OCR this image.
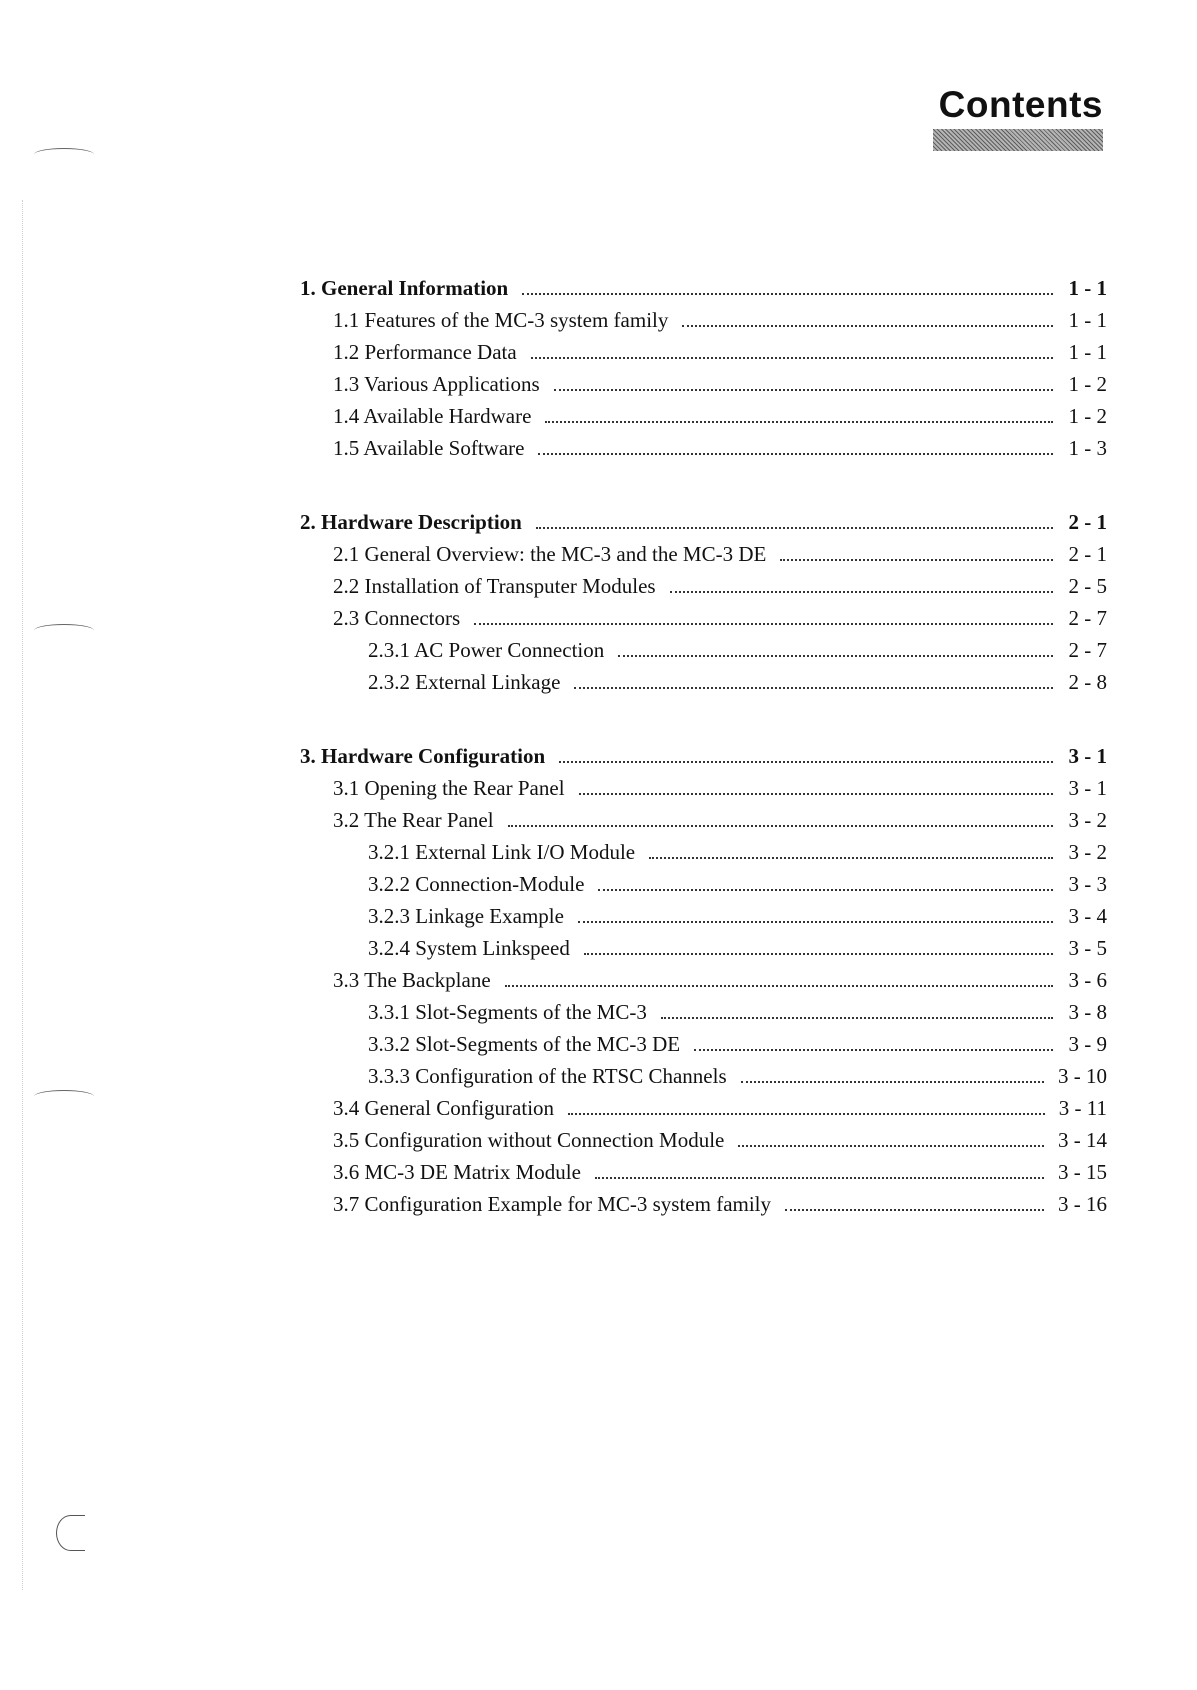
Contents
1. General Information	1 - 1
1.1 Features of the MC-3 system family	1 - 1
1.2 Performance Data	1 - 1
1.3 Various Applications	1 - 2
1.4 Available Hardware	1 - 2
1.5 Available Software	1 - 3
2. Hardware Description	2 - 1
2.1 General Overview: the MC-3 and the MC-3 DE	2 - 1
2.2 Installation of Transputer Modules	2 - 5
2.3 Connectors	2 - 7
2.3.1 AC Power Connection	2 - 7
2.3.2 External Linkage	2 - 8
3. Hardware Configuration	3 - 1
3.1 Opening the Rear Panel	3 - 1
3.2 The Rear Panel	3 - 2
3.2.1 External Link I/O Module	3 - 2
3.2.2 Connection-Module	3 - 3
3.2.3 Linkage Example	3 - 4
3.2.4 System Linkspeed	3 - 5
3.3 The Backplane	3 - 6
3.3.1 Slot-Segments of the MC-3	3 - 8
3.3.2 Slot-Segments of the MC-3 DE	3 - 9
3.3.3 Configuration of the RTSC Channels	3 - 10
3.4 General Configuration	3 - 11
3.5 Configuration without Connection Module	3 - 14
3.6 MC-3 DE Matrix Module	3 - 15
3.7 Configuration Example for MC-3 system family	3 - 16
